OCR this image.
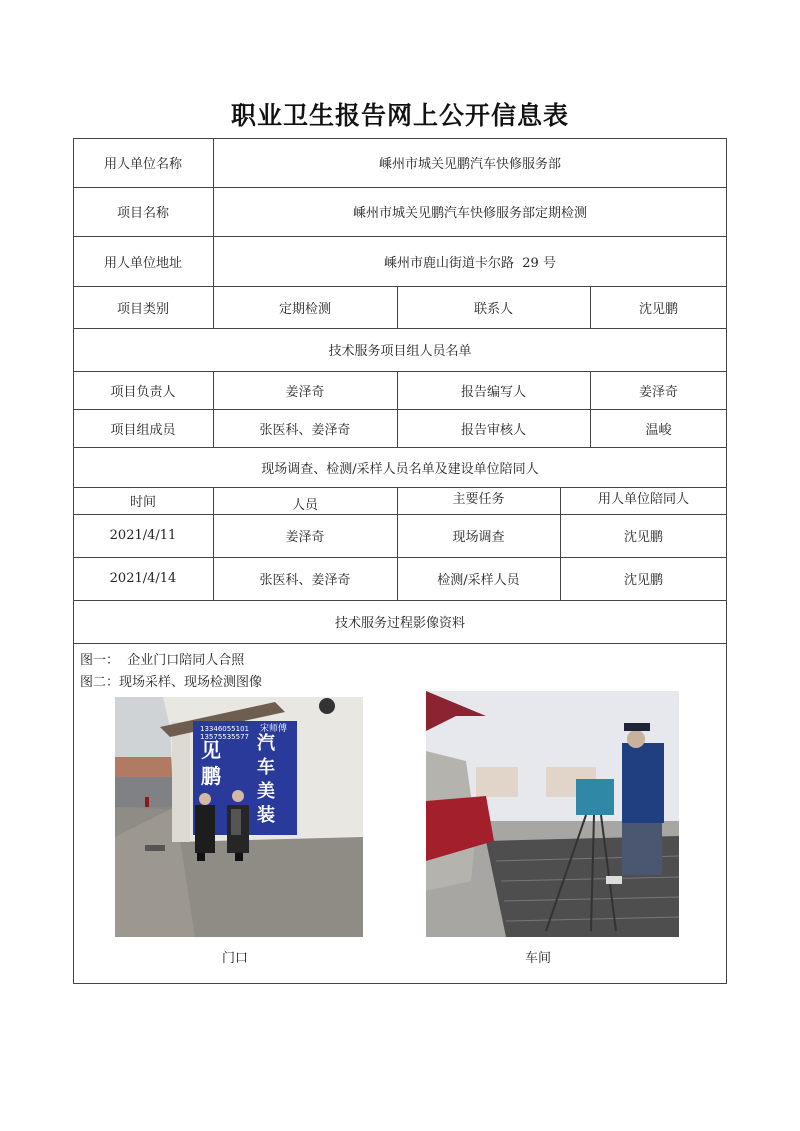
职业卫生报告网上公开信息表
用人单位名称	嵊州市城关见鹏汽车快修服务部
项目名称	嵊州市城关见鹏汽车快修服务部定期检测
用人单位地址	嵊州市鹿山街道卡尔路  29 号
项目类别	定期检测	联系人	沈见鹏
技术服务项目组人员名单
项目负责人	姜泽奇	报告编写人	姜泽奇
项目组成员	张医科、姜泽奇	报告审核人	温峻
现场调查、检测/采样人员名单及建设单位陪同人
时间	人员	主要任务	用人单位陪同人
2021/4/11	姜泽奇	现场调查	沈见鹏
2021/4/14	张医科、姜泽奇	检测/采样人员	沈见鹏
技术服务过程影像资料
图一：  企业门口陪同人合照
图二：现场采样、现场检测图像
13346055101
13575535577
宋师傅
见
鹏
汽
车
美
装
门口	车间
